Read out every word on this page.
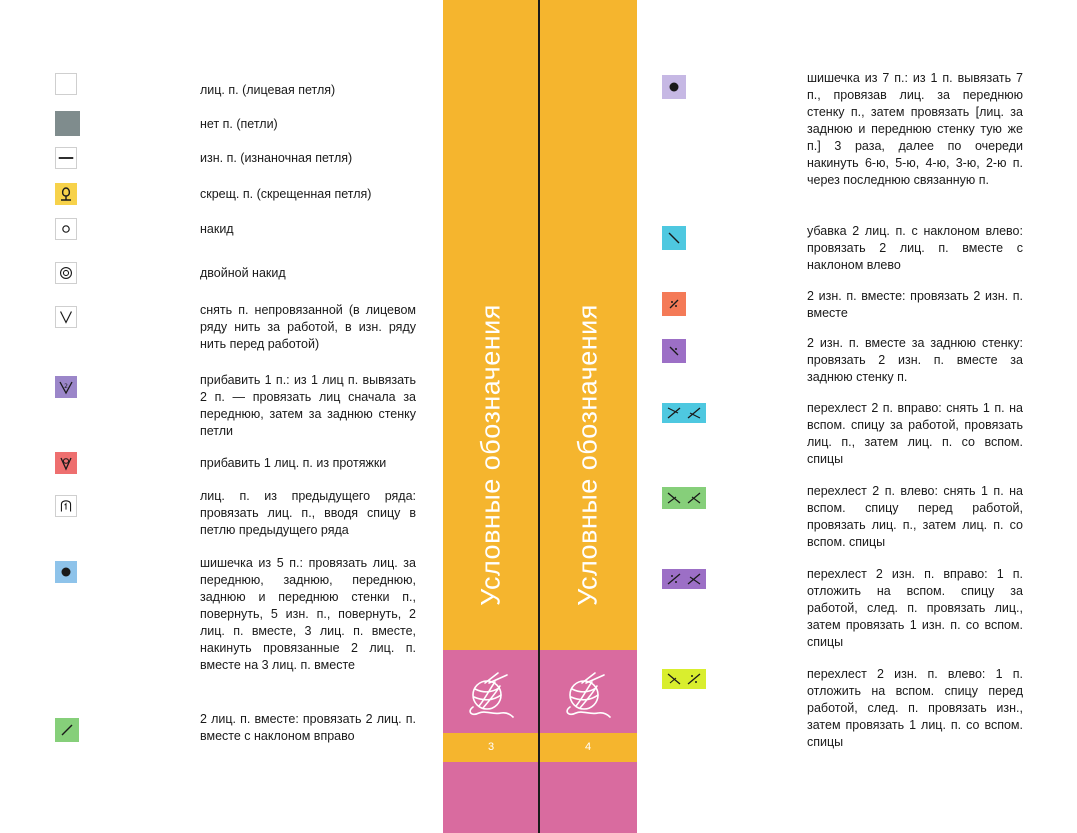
лиц. п. (лицевая петля)
нет п. (петли)
изн. п. (изнаночная петля)
скрещ. п. (скрещенная петля)
накид
двойной накид
снять п. непровязанной (в лицевом ряду нить за работой, в изн. ряду нить перед работой)
2	прибавить 1 п.: из 1 лиц п. вывязать 2 п. — провязать лиц сначала за переднюю, затем за заднюю стенку петли
прибавить 1 лиц. п. из протяжки
лиц. п. из предыдущего ряда: провязать лиц. п., вводя спицу в петлю предыдущего ряда
шишечка из 5 п.: провязать лиц. за переднюю, заднюю, переднюю, заднюю и переднюю стенки п., повернуть, 5 изн. п., повернуть, 2 лиц. п. вместе, 3 лиц. п. вместе, накинуть провязанные 2 лиц. п. вместе на 3 лиц. п. вместе
2 лиц. п. вместе: провязать 2 лиц. п. вместе с наклоном вправо
Условные обозначения
3
Условные обозначения
4
шишечка из 7 п.: из 1 п. вывязать 7 п., провязав лиц. за переднюю стенку п., затем провязать [лиц. за заднюю и переднюю стенку тую же п.] 3 раза, далее по очереди накинуть 6-ю, 5-ю, 4-ю, 3-ю, 2-ю п. через последнюю связанную п.
убавка 2 лиц. п. с наклоном влево: провязать 2 лиц. п. вместе с наклоном влево
2 изн. п. вместе: провязать 2 изн. п. вместе
2 изн. п. вместе за заднюю стенку: провязать 2 изн. п. вместе за заднюю стенку п.
перехлест 2 п. вправо: снять 1 п. на вспом. спицу за работой, провязать лиц. п., затем лиц. п. со вспом. спицы
перехлест 2 п. влево: снять 1 п. на вспом. спицу перед работой, провязать лиц. п., затем лиц. п. со вспом. спицы
перехлест 2 изн. п. вправо: 1 п. отложить на вспом. спицу за работой, след. п. провязать лиц., затем провязать 1 изн. п. со вспом. спицы
перехлест 2 изн. п. влево: 1 п. отложить на вспом. спицу перед работой, след. п. провязать изн., затем провязать 1 лиц. п. со вспом. спицы
